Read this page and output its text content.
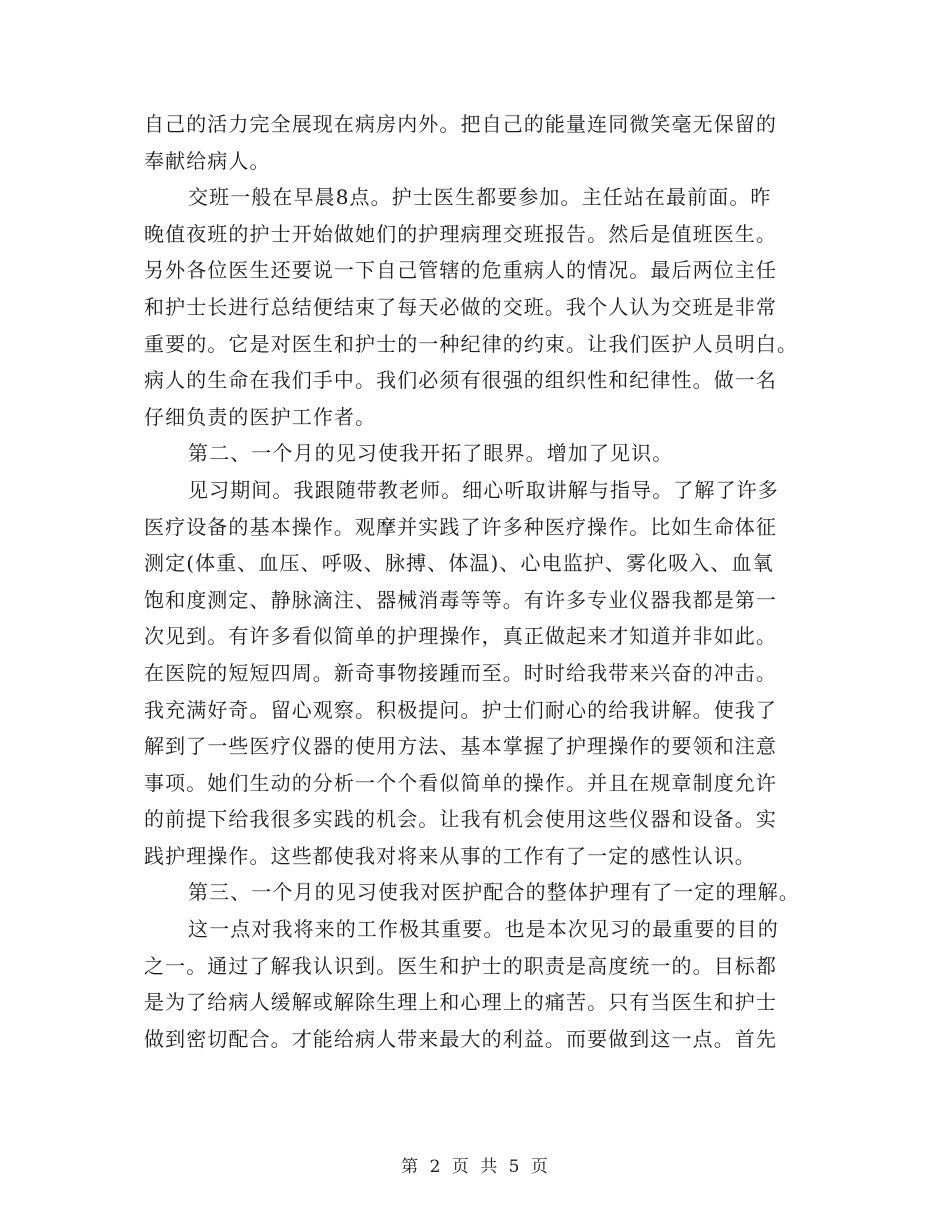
自己的活力完全展现在病房内外。把自己的能量连同微笑毫无保留的
奉献给病人。
交班一般在早晨8点。护士医生都要参加。主任站在最前面。昨
晚值夜班的护士开始做她们的护理病理交班报告。然后是值班医生。
另外各位医生还要说一下自己管辖的危重病人的情况。最后两位主任
和护士长进行总结便结束了每天必做的交班。我个人认为交班是非常
重要的。它是对医生和护士的一种纪律的约束。让我们医护人员明白。
病人的生命在我们手中。我们必须有很强的组织性和纪律性。做一名
仔细负责的医护工作者。
第二、一个月的见习使我开拓了眼界。增加了见识。
见习期间。我跟随带教老师。细心听取讲解与指导。了解了许多
医疗设备的基本操作。观摩并实践了许多种医疗操作。比如生命体征
测定(体重、血压、呼吸、脉搏、体温)、心电监护、雾化吸入、血氧
饱和度测定、静脉滴注、器械消毒等等。有许多专业仪器我都是第一
次见到。有许多看似简单的护理操作，真正做起来才知道并非如此。
在医院的短短四周。新奇事物接踵而至。时时给我带来兴奋的冲击。
我充满好奇。留心观察。积极提问。护士们耐心的给我讲解。使我了
解到了一些医疗仪器的使用方法、基本掌握了护理操作的要领和注意
事项。她们生动的分析一个个看似简单的操作。并且在规章制度允许
的前提下给我很多实践的机会。让我有机会使用这些仪器和设备。实
践护理操作。这些都使我对将来从事的工作有了一定的感性认识。
第三、一个月的见习使我对医护配合的整体护理有了一定的理解。
这一点对我将来的工作极其重要。也是本次见习的最重要的目的
之一。通过了解我认识到。医生和护士的职责是高度统一的。目标都
是为了给病人缓解或解除生理上和心理上的痛苦。只有当医生和护士
做到密切配合。才能给病人带来最大的利益。而要做到这一点。首先
第 2 页 共 5 页
